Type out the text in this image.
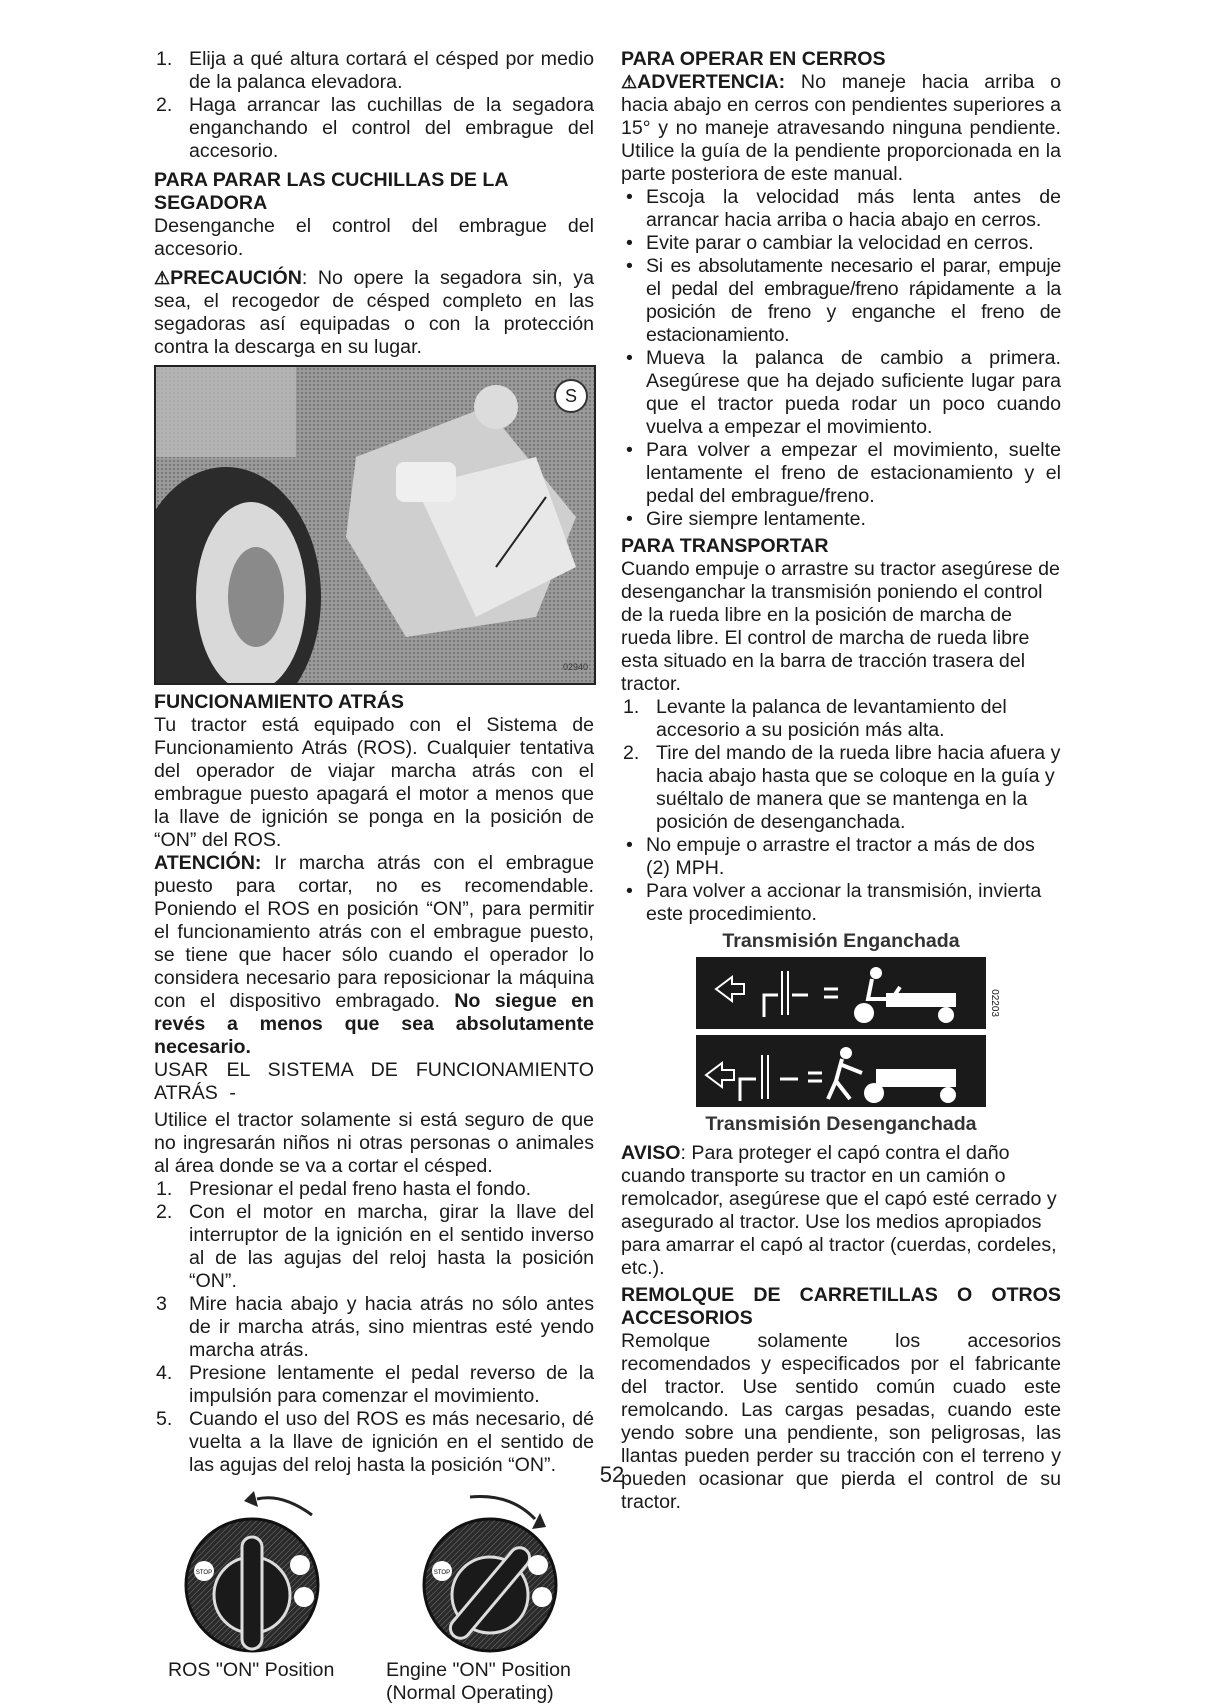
1. Elija a qué altura cortará el césped por medio de la palanca elevadora.
2. Haga arrancar las cuchillas de la segadora enganchando el control del embrague del accesorio.
PARA PARAR LAS CUCHILLAS DE LA SEGADORA

Desenganche el control del embrague del accesorio.

⚠PRECAUCIÓN: No opere la segadora sin, ya sea, el recogedor de césped completo en las segadoras así equipadas o con la protección contra la descarga en su lugar.

S
02940
FUNCIONAMIENTO ATRÁS

Tu tractor está equipado con el Sistema de Funcionamiento Atrás (ROS). Cualquier tentativa del operador de viajar marcha atrás con el embrague puesto apagará el motor a menos que la llave de ignición se ponga en la posición de “ON” del ROS.

ATENCIÓN: Ir marcha atrás con el embrague puesto para cortar, no es recomendable. Poniendo el ROS en posición “ON”, para permitir el funcionamiento atrás con el embrague puesto, se tiene que hacer sólo cuando el operador lo considera necesario para reposicionar la máquina con el dispositivo embragado. No siegue en revés a menos que sea absolutamente necesario.

USAR EL SISTEMA DE FUNCIONAMIENTO ATRÁS -

Utilice el tractor solamente si está seguro de que no ingresarán niños ni otras personas o animales al área donde se va a cortar el césped.

1. Presionar el pedal freno hasta el fondo.
2. Con el motor en marcha, girar la llave del interruptor de la ignición en el sentido inverso al de las agujas del reloj hasta la posición “ON”.
3 Mire hacia abajo y hacia atrás no sólo antes de ir marcha atrás, sino mientras esté yendo marcha atrás.
4. Presione lentamente el pedal reverso de la impulsión para comenzar el movimiento.
5. Cuando el uso del ROS es más necesario, dé vuelta a la llave de ignición en el sentido de las agujas del reloj hasta la posición “ON”.
STOP	STOP
ROS "ON" Position	Engine "ON" Position (Normal Operating)
PARA OPERAR EN CERROS

⚠ADVERTENCIA: No maneje hacia arriba o hacia abajo en cerros con pendientes superiores a 15° y no maneje atravesando ninguna pendiente. Utilice la guía de la pendiente proporcionada en la parte posteriora de este manual.

• Escoja la velocidad más lenta antes de arrancar hacia arriba o hacia abajo en cerros.
• Evite parar o cambiar la velocidad en cerros.
• Si es absolutamente necesario el parar, empuje el pedal del embrague/freno rápidamente a la posición de freno y enganche el freno de estacionamiento.
• Mueva la palanca de cambio a primera. Asegúrese que ha dejado suficiente lugar para que el tractor pueda rodar un poco cuando vuelva a empezar el movimiento.
• Para volver a empezar el movimiento, suelte lentamente el freno de estacionamiento y el pedal del embrague/freno.
• Gire siempre lentamente.
PARA TRANSPORTAR

Cuando empuje o arrastre su tractor asegúrese de desenganchar la transmisión poniendo el control de la rueda libre en la posición de marcha de rueda libre. El control de marcha de rueda libre esta situado en la barra de tracción trasera del tractor.

1. Levante la palanca de levantamiento del accesorio a su posición más alta.
2. Tire del mando de la rueda libre hacia afuera y hacia abajo hasta que se coloque en la guía y suéltalo de manera que se mantenga en la posición de desenganchada.
• No empuje o arrastre el tractor a más de dos (2) MPH.
• Para volver a accionar la transmisión, invierta este procedimiento.
Transmisión Enganchada
02203
Transmisión Desenganchada

AVISO: Para proteger el capó contra el daño cuando transporte su tractor en un camión o remolcador, asegúrese que el capó esté cerrado y asegurado al tractor. Use los medios apropiados para amarrar el capó al tractor (cuerdas, cordeles, etc.).

REMOLQUE DE CARRETILLAS O OTROS ACCESORIOS

Remolque solamente los accesorios recomendados y especificados por el fabricante del tractor. Use sentido común cuado este remolcando. Las cargas pesadas, cuando este yendo sobre una pendiente, son peligrosas, las llantas pueden perder su tracción con el terreno y pueden ocasionar que pierda el control de su tractor.

52
